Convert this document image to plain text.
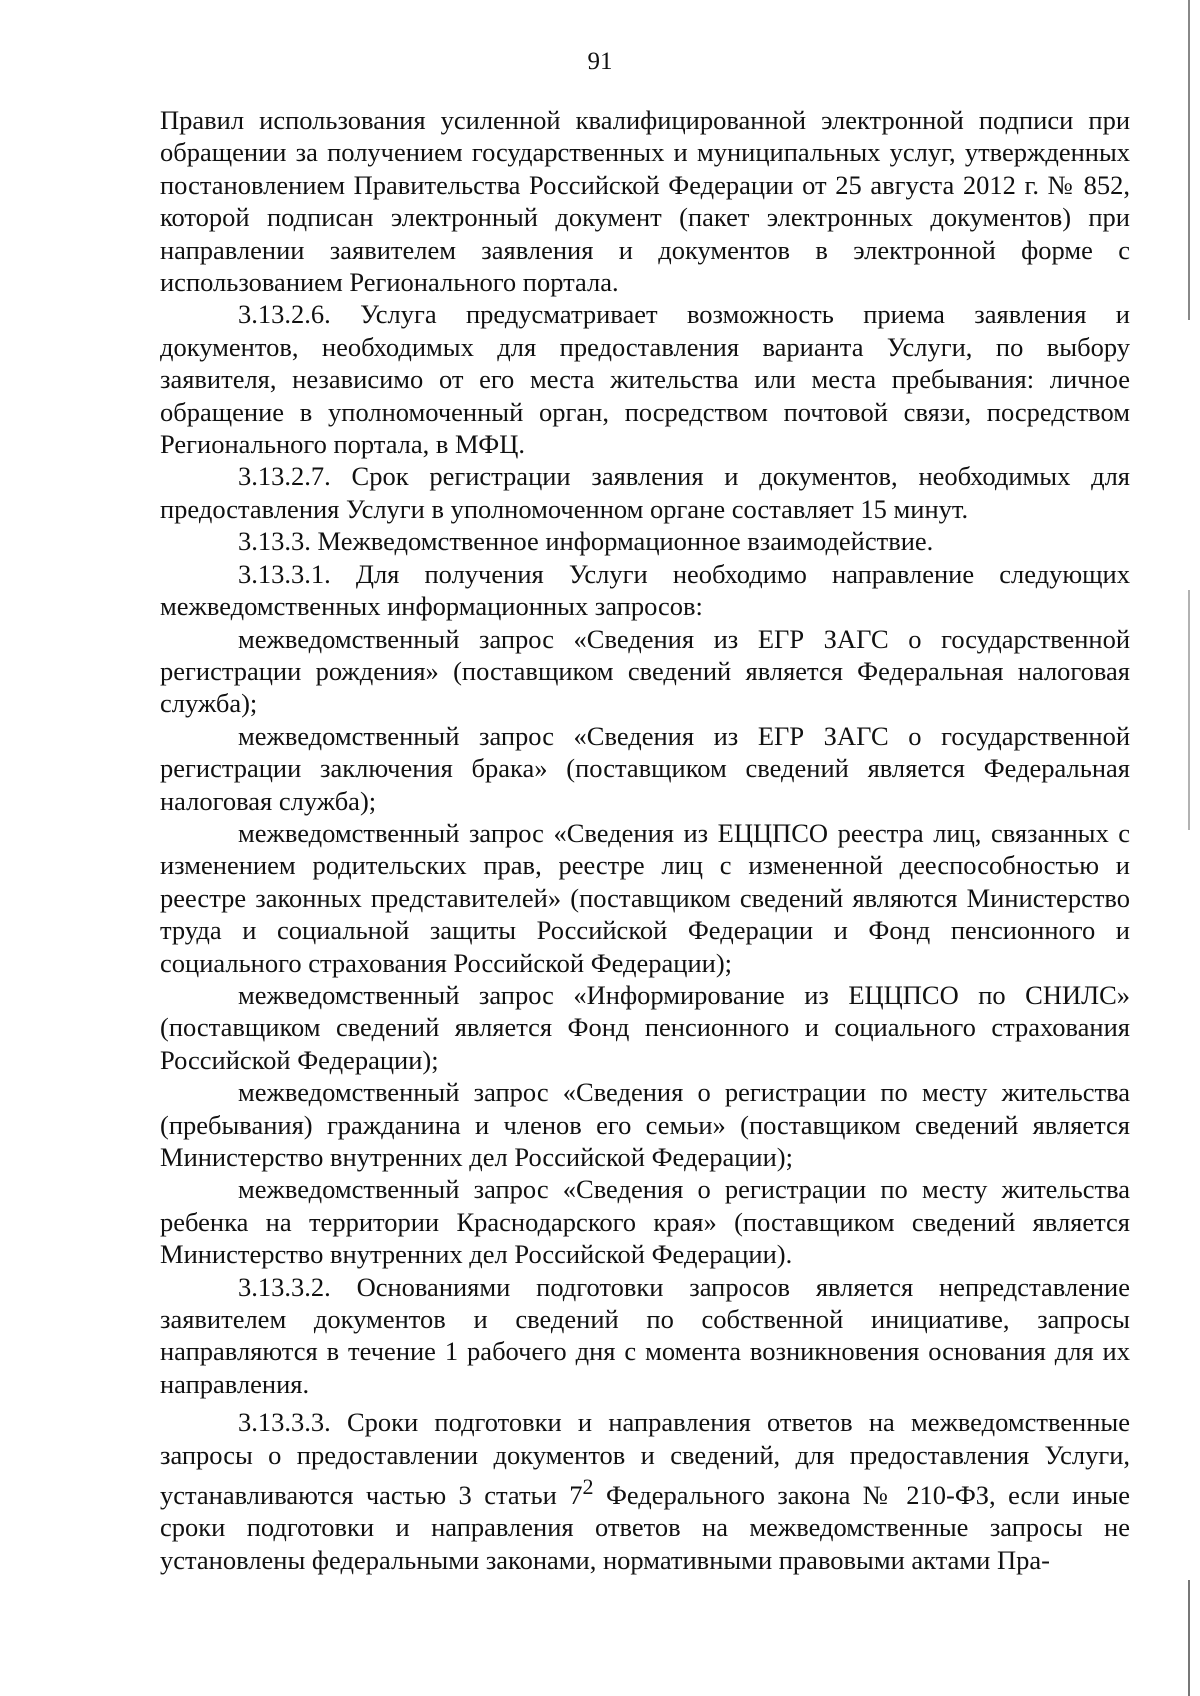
91

Правил использования усиленной квалифицированной электронной подписи при обращении за получением государственных и муниципальных услуг, утвержденных постановлением Правительства Российской Федерации от 25 августа 2012 г. № 852, которой подписан электронный документ (пакет электронных документов) при направлении заявителем заявления и документов в электронной форме с использованием Регионального портала.

3.13.2.6. Услуга предусматривает возможность приема заявления и документов, необходимых для предоставления варианта Услуги, по выбору заявителя, независимо от его места жительства или места пребывания: личное обращение в уполномоченный орган, посредством почтовой связи, посредством Регионального портала, в МФЦ.

3.13.2.7. Срок регистрации заявления и документов, необходимых для предоставления Услуги в уполномоченном органе составляет 15 минут.

3.13.3. Межведомственное информационное взаимодействие.

3.13.3.1. Для получения Услуги необходимо направление следующих межведомственных информационных запросов:

межведомственный запрос «Сведения из ЕГР ЗАГС о государственной регистрации рождения» (поставщиком сведений является Федеральная налоговая служба);

межведомственный запрос «Сведения из ЕГР ЗАГС о государственной регистрации заключения брака» (поставщиком сведений является Федеральная налоговая служба);

межведомственный запрос «Сведения из ЕЦЦПСО реестра лиц, связанных с изменением родительских прав, реестре лиц с измененной дееспособностью и реестре законных представителей» (поставщиком сведений являются Министерство труда и социальной защиты Российской Федерации и Фонд пенсионного и социального страхования Российской Федерации);

межведомственный запрос «Информирование из ЕЦЦПСО по СНИЛС» (поставщиком сведений является Фонд пенсионного и социального страхования Российской Федерации);

межведомственный запрос «Сведения о регистрации по месту жительства (пребывания) гражданина и членов его семьи» (поставщиком сведений является Министерство внутренних дел Российской Федерации);

межведомственный запрос «Сведения о регистрации по месту жительства ребенка на территории Краснодарского края» (поставщиком сведений является Министерство внутренних дел Российской Федерации).

3.13.3.2. Основаниями подготовки запросов является непредставление заявителем документов и сведений по собственной инициативе, запросы направляются в течение 1 рабочего дня с момента возникновения основания для их направления.

3.13.3.3. Сроки подготовки и направления ответов на межведомственные запросы о предоставлении документов и сведений, для предоставления Услуги, устанавливаются частью 3 статьи $7^2$ Федерального закона № 210-ФЗ, если иные сроки подготовки и направления ответов на межведомственные запросы не установлены федеральными законами, нормативными правовыми актами Пра-
